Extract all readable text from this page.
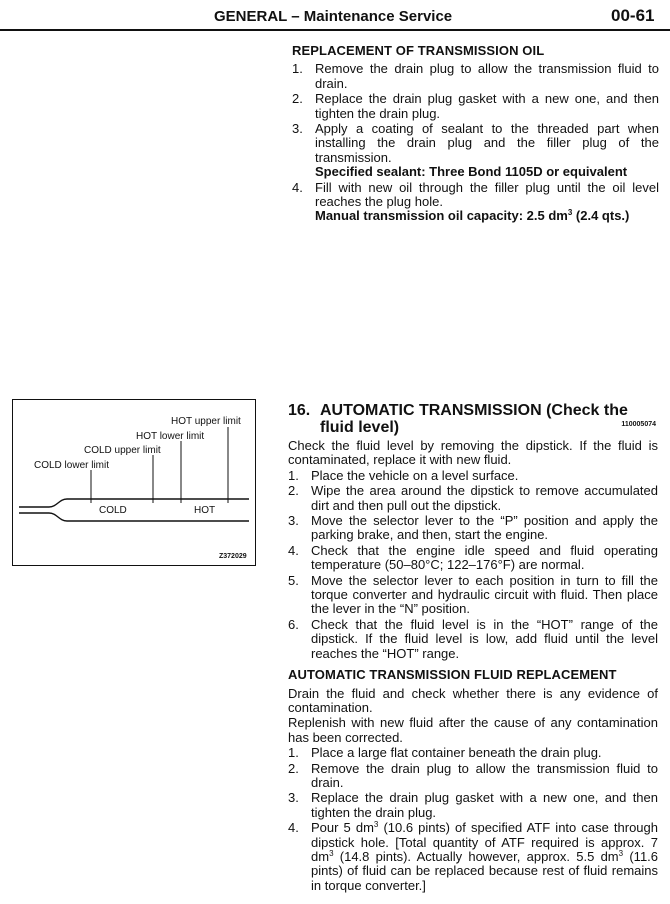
GENERAL – Maintenance Service	00-61
REPLACEMENT OF TRANSMISSION OIL
1. Remove the drain plug to allow the transmission fluid to drain.
2. Replace the drain plug gasket with a new one, and then tighten the drain plug.
3. Apply a coating of sealant to the threaded part when installing the drain plug and the filler plug of the transmission.
Specified sealant: Three Bond 1105D or equivalent
4. Fill with new oil through the filler plug until the oil level reaches the plug hole.
Manual transmission oil capacity: 2.5 $dm^3$ (2.4 qts.)
HOT upper limit
HOT lower limit
COLD upper limit
COLD lower limit
COLD	HOT
Z372029
16. AUTOMATIC TRANSMISSION (Check the fluid level)	110005074

Check the fluid level by removing the dipstick. If the fluid is contaminated, replace it with new fluid.

1. Place the vehicle on a level surface.
2. Wipe the area around the dipstick to remove accumulated dirt and then pull out the dipstick.
3. Move the selector lever to the “P” position and apply the parking brake, and then, start the engine.
4. Check that the engine idle speed and fluid operating temperature (50–80°C; 122–176°F) are normal.
5. Move the selector lever to each position in turn to fill the torque converter and hydraulic circuit with fluid. Then place the lever in the “N” position.
6. Check that the fluid level is in the “HOT” range of the dipstick. If the fluid level is low, add fluid until the level reaches the “HOT” range.
AUTOMATIC TRANSMISSION FLUID REPLACEMENT

Drain the fluid and check whether there is any evidence of contamination.

Replenish with new fluid after the cause of any contamination has been corrected.

1. Place a large flat container beneath the drain plug.
2. Remove the drain plug to allow the transmission fluid to drain.
3. Replace the drain plug gasket with a new one, and then tighten the drain plug.
4. Pour 5 $dm^3$ (10.6 pints) of specified ATF into case through dipstick hole. [Total quantity of ATF required is approx. 7 $dm^3$ (14.8 pints). Actually however, approx. 5.5 $dm^3$ (11.6 pints) of fluid can be replaced because rest of fluid remains in torque converter.]
